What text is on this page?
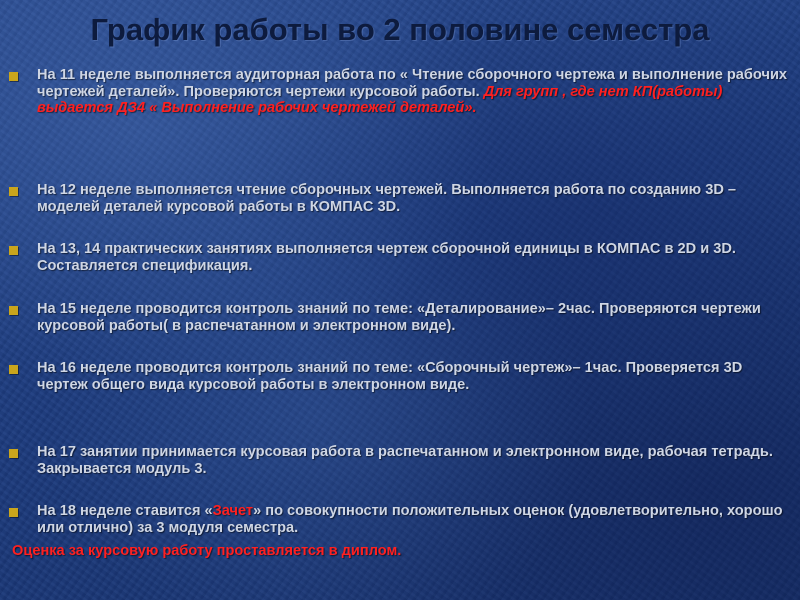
График работы во 2 половине семестра
На 11 неделе выполняется аудиторная работа по « Чтение сборочного чертежа и выполнение рабочих чертежей деталей». Проверяются чертежи курсовой работы. Для групп , где нет КП(работы) выдается ДЗ4 « Выполнение рабочих чертежей деталей».
На 12 неделе выполняется чтение сборочных чертежей. Выполняется работа по созданию 3D –моделей деталей курсовой работы в КОМПАС 3D.
На 13, 14 практических занятиях выполняется чертеж сборочной единицы в КОМПАС в 2D и 3D. Составляется спецификация.
На 15 неделе проводится контроль знаний по теме: «Деталирование»– 2час. Проверяются чертежи курсовой работы( в распечатанном и электронном виде).
На 16 неделе проводится контроль знаний по теме: «Сборочный чертеж»– 1час. Проверяется 3D чертеж общего вида курсовой работы в электронном виде.
На 17 занятии принимается курсовая работа в распечатанном и электронном виде, рабочая тетрадь. Закрывается модуль 3.
На 18 неделе ставится «Зачет» по совокупности положительных оценок (удовлетворительно, хорошо или отлично) за 3 модуля семестра.
Оценка за курсовую работу проставляется в диплом.
